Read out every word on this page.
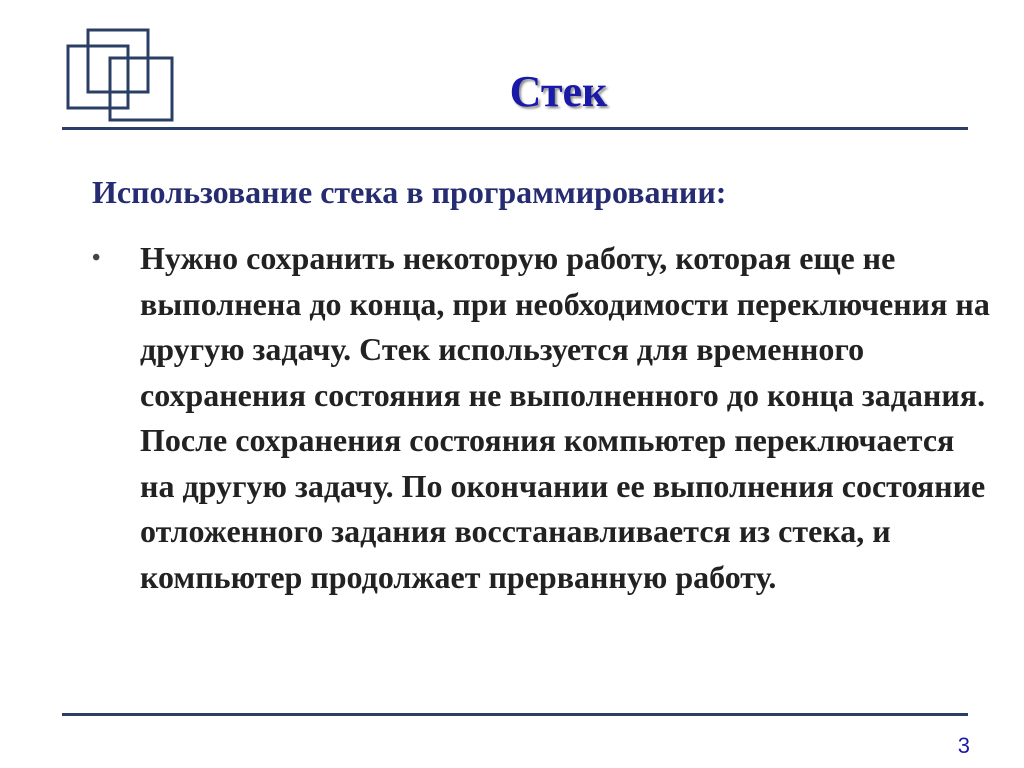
Стек
Использование стека в программировании:
•	Нужно сохранить некоторую работу, которая еще не выполнена до конца, при необходимости переключения на другую задачу. Стек используется для временного сохранения состояния не выполненного до конца задания. После сохранения состояния компьютер переключается на другую задачу. По окончании ее выполнения состояние отложенного задания восстанавливается из стека, и компьютер продолжает прерванную работу.
3
